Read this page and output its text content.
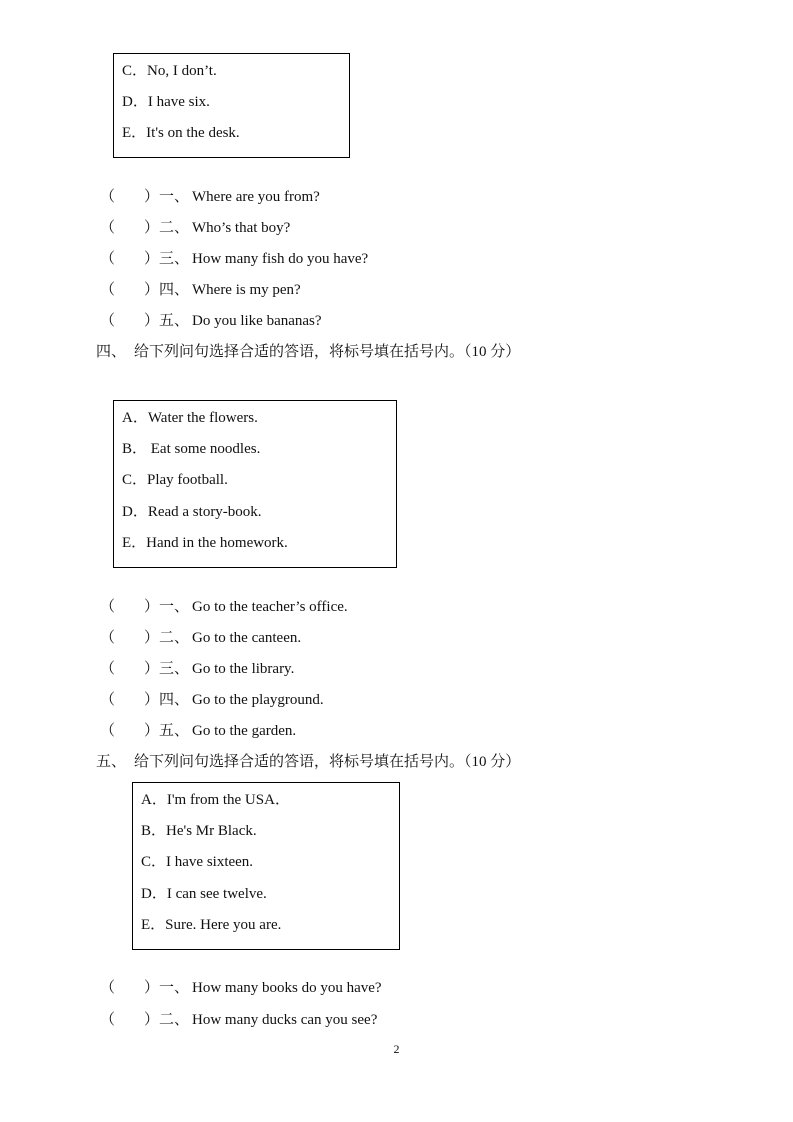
C．No, I don’t.
D．I have six.
E．It's on the desk.
（ ）一、 Where are you from?
（ ）二、 Who’s that boy?
（ ）三、 How many fish do you have?
（ ）四、 Where is my pen?
（ ）五、 Do you like bananas?
四、 给下列问句选择合适的答语，将标号填在括号内。（10 分）
A．Water the flowers.
B． Eat some noodles.
C．Play football.
D．Read a story-book.
E．Hand in the homework.
（ ）一、 Go to the teacher’s office.
（ ）二、 Go to the canteen.
（ ）三、 Go to the library.
（ ）四、 Go to the playground.
（ ）五、 Go to the garden.
五、 给下列问句选择合适的答语，将标号填在括号内。（10 分）
A．I'm from the USA．
B．He's Mr Black.
C．I have sixteen.
D．I can see twelve.
E．Sure. Here you are.
（ ）一、 How many books do you have?
（ ）二、 How many ducks can you see?
2
